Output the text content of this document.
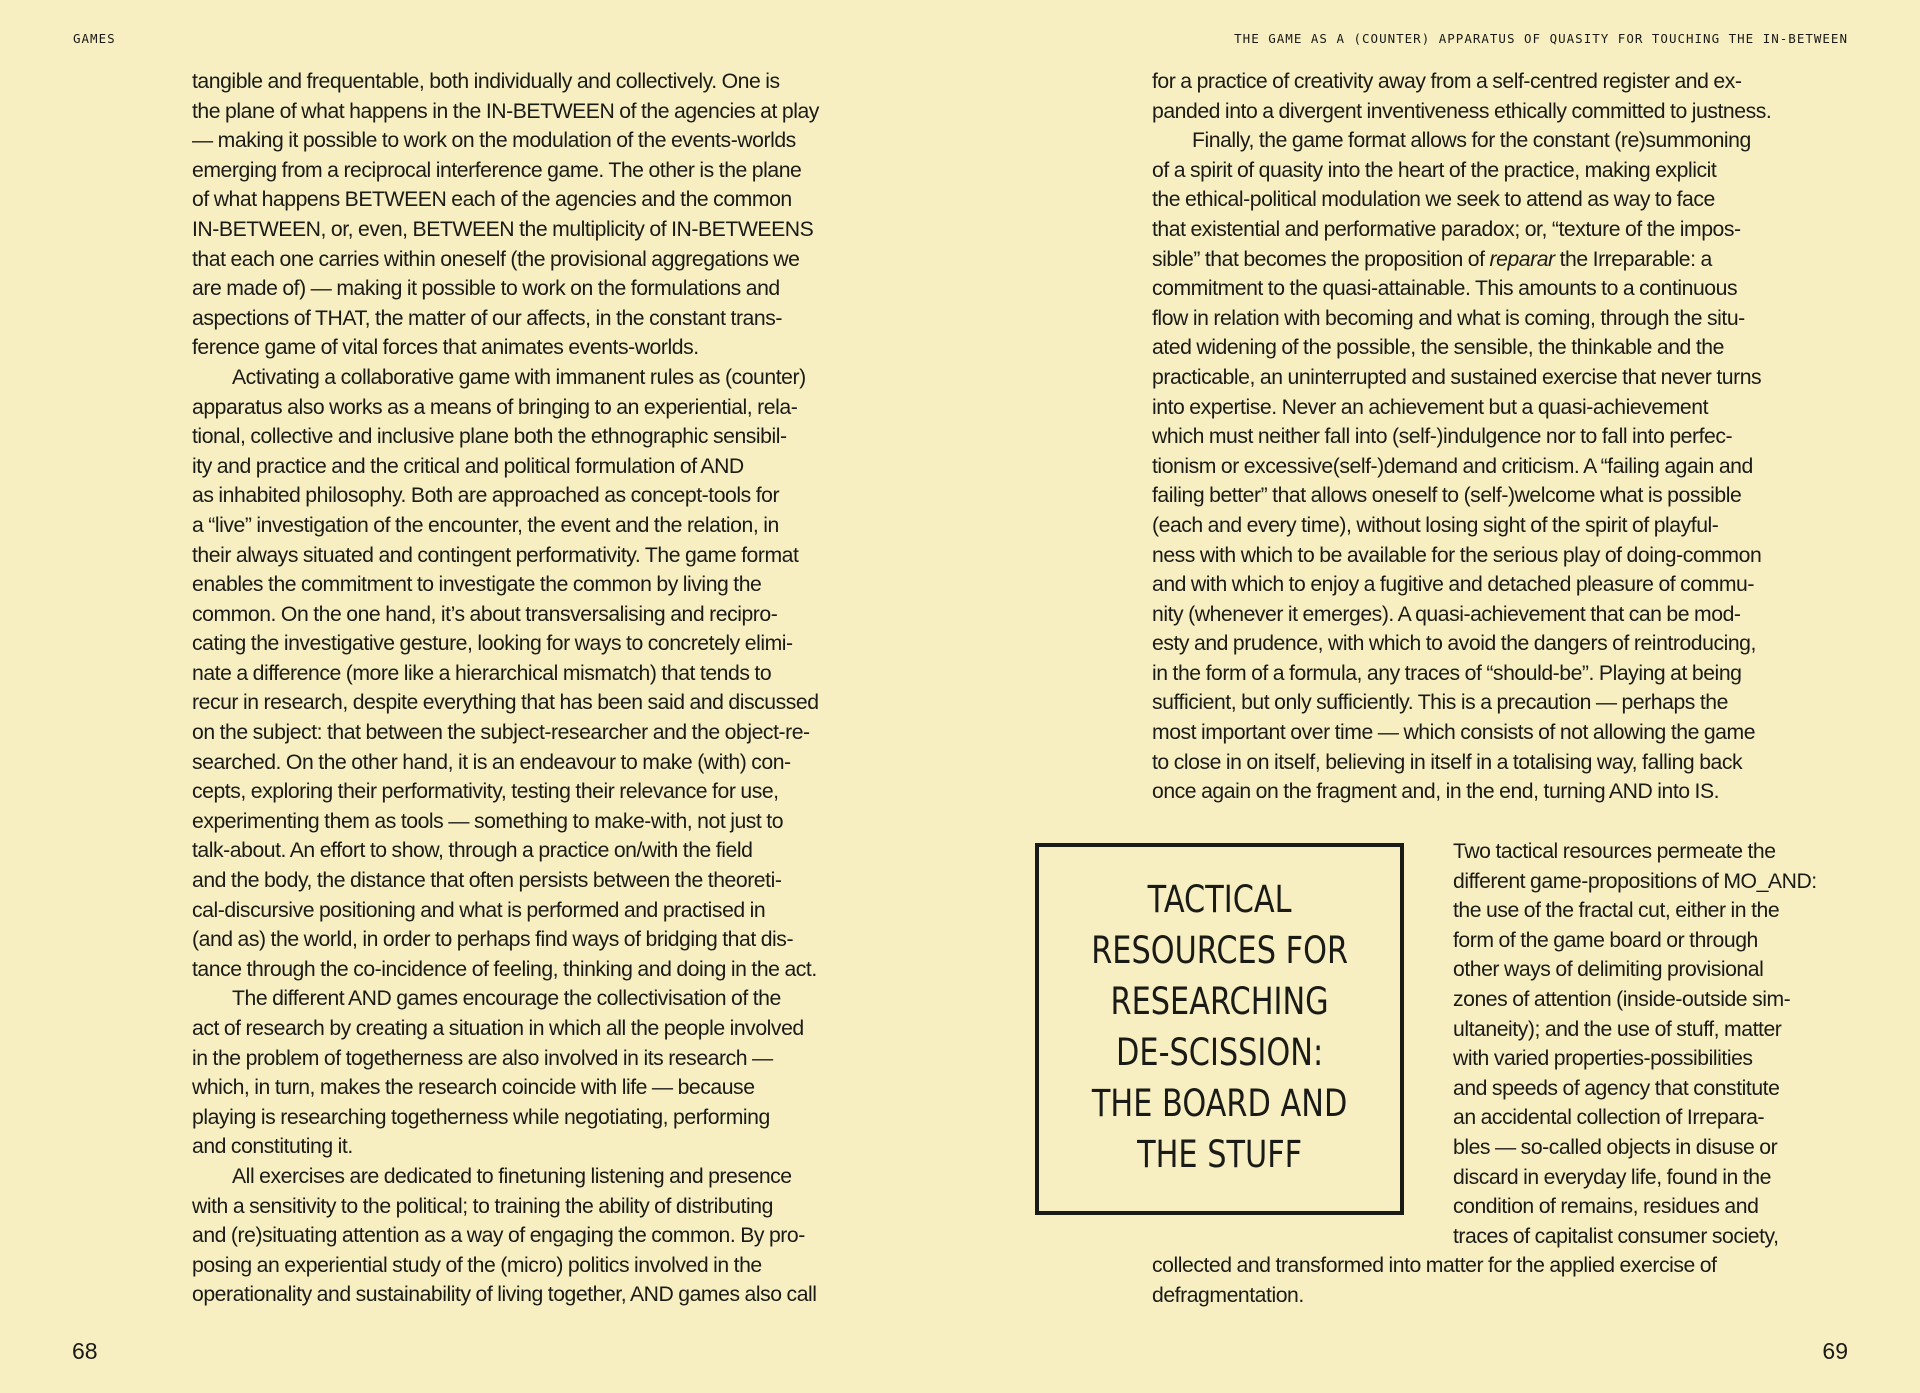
GAMES

tangible and frequentable, both individually and collectively. One is

the plane of what happens in the IN-BETWEEN of the agencies at play

— making it possible to work on the modulation of the events-worlds

emerging from a reciprocal interference game. The other is the plane

of what happens BETWEEN each of the agencies and the common

IN-BETWEEN, or, even, BETWEEN the multiplicity of IN-BETWEENS

that each one carries within oneself (the provisional aggregations we

are made of) — making it possible to work on the formulations and

aspections of THAT, the matter of our affects, in the constant trans-

ference game of vital forces that animates events-worlds.

Activating a collaborative game with immanent rules as (counter)

apparatus also works as a means of bringing to an experiential, rela-

tional, collective and inclusive plane both the ethnographic sensibil-

ity and practice and the critical and political formulation of AND

as inhabited philosophy. Both are approached as concept-tools for

a “live” investigation of the encounter, the event and the relation, in

their always situated and contingent performativity. The game format

enables the commitment to investigate the common by living the

common. On the one hand, it’s about transversalising and recipro-

cating the investigative gesture, looking for ways to concretely elimi-

nate a difference (more like a hierarchical mismatch) that tends to

recur in research, despite everything that has been said and discussed

on the subject: that between the subject-researcher and the object-re-

searched. On the other hand, it is an endeavour to make (with) con-

cepts, exploring their performativity, testing their relevance for use,

experimenting them as tools — something to make-with, not just to

talk-about. An effort to show, through a practice on/with the field

and the body, the distance that often persists between the theoreti-

cal-discursive positioning and what is performed and practised in

(and as) the world, in order to perhaps find ways of bridging that dis-

tance through the co-incidence of feeling, thinking and doing in the act.

The different AND games encourage the collectivisation of the

act of research by creating a situation in which all the people involved

in the problem of togetherness are also involved in its research —

which, in turn, makes the research coincide with life — because

playing is researching togetherness while negotiating, performing

and constituting it.

All exercises are dedicated to finetuning listening and presence

with a sensitivity to the political; to training the ability of distributing

and (re)situating attention as a way of engaging the common. By pro-

posing an experiential study of the (micro) politics involved in the

operationality and sustainability of living together, AND games also call

68
THE GAME AS A (COUNTER) APPARATUS OF QUASITY FOR TOUCHING THE IN-BETWEEN

for a practice of creativity away from a self-centred register and ex-

panded into a divergent inventiveness ethically committed to justness.

Finally, the game format allows for the constant (re)summoning

of a spirit of quasity into the heart of the practice, making explicit

the ethical-political modulation we seek to attend as way to face

that existential and performative paradox; or, “texture of the impos-

sible” that becomes the proposition of reparar the Irreparable: a

commitment to the quasi-attainable. This amounts to a continuous

flow in relation with becoming and what is coming, through the situ-

ated widening of the possible, the sensible, the thinkable and the

practicable, an uninterrupted and sustained exercise that never turns

into expertise. Never an achievement but a quasi-achievement

which must neither fall into (self-)indulgence nor to fall into perfec-

tionism or excessive(self-)demand and criticism. A “failing again and

failing better” that allows oneself to (self-)welcome what is possible

(each and every time), without losing sight of the spirit of playful-

ness with which to be available for the serious play of doing-common

and with which to enjoy a fugitive and detached pleasure of commu-

nity (whenever it emerges). A quasi-achievement that can be mod-

esty and prudence, with which to avoid the dangers of reintroducing,

in the form of a formula, any traces of “should-be”. Playing at being

sufficient, but only sufficiently. This is a precaution — perhaps the

most important over time — which consists of not allowing the game

to close in on itself, believing in itself in a totalising way, falling back

once again on the fragment and, in the end, turning AND into IS.

TACTICAL
RESOURCES FOR
RESEARCHING
DE-SCISSION:
THE BOARD AND
THE STUFF

Two tactical resources permeate the

different game-propositions of MO_AND:

the use of the fractal cut, either in the

form of the game board or through

other ways of delimiting provisional

zones of attention (inside-outside sim-

ultaneity); and the use of stuff, matter

with varied properties-possibilities

and speeds of agency that constitute

an accidental collection of Irrepara-

bles — so-called objects in disuse or

discard in everyday life, found in the

condition of remains, residues and

traces of capitalist consumer society,

collected and transformed into matter for the applied exercise of

defragmentation.

69
